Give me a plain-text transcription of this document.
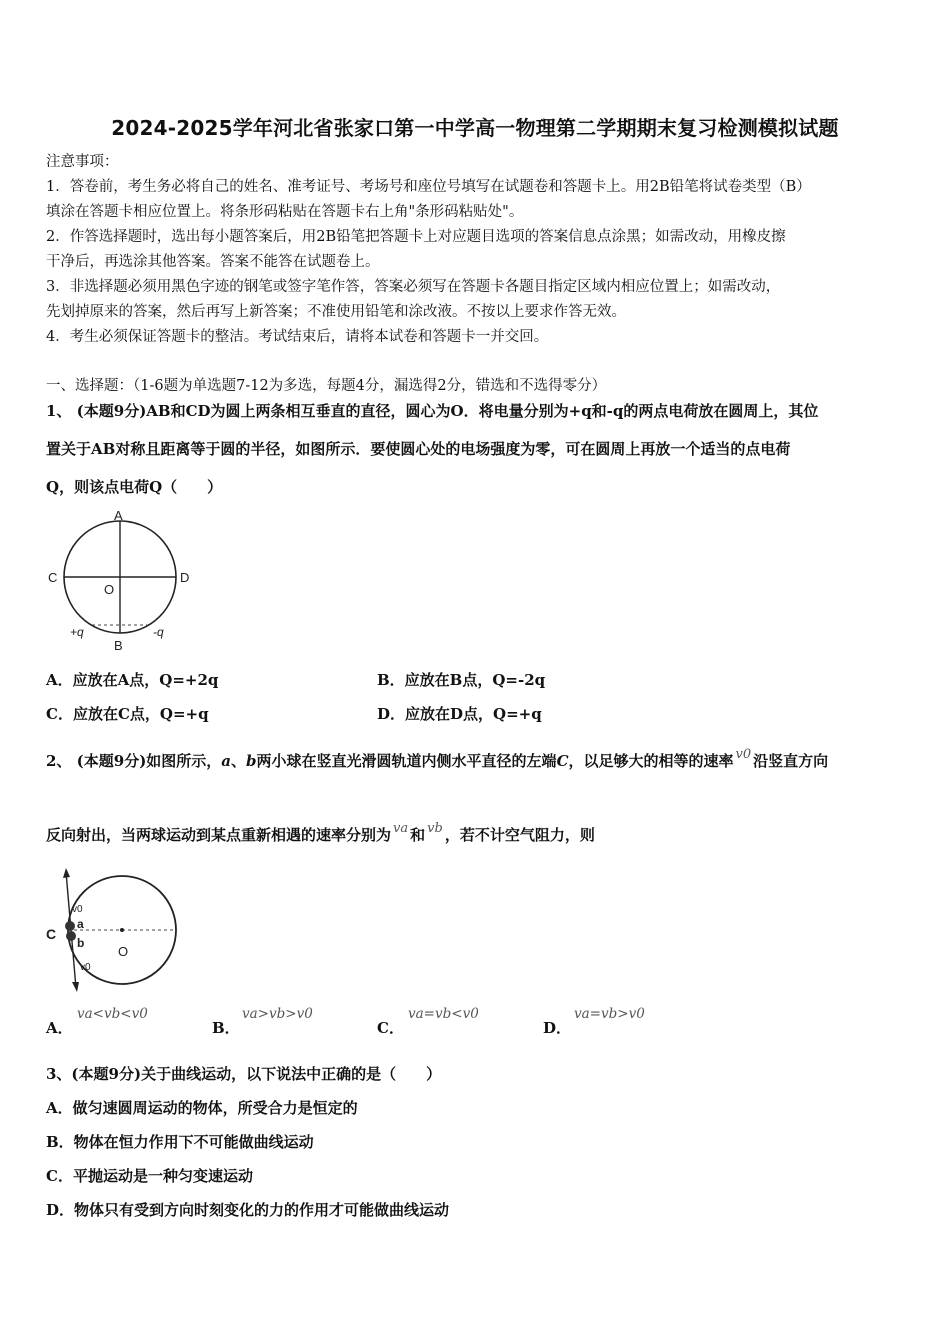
2024-2025学年河北省张家口第一中学高一物理第二学期期末复习检测模拟试题
注意事项：
1．答卷前，考生务必将自己的姓名、准考证号、考场号和座位号填写在试题卷和答题卡上。用2B铅笔将试卷类型（B）
填涂在答题卡相应位置上。将条形码粘贴在答题卡右上角"条形码粘贴处"。
2．作答选择题时，选出每小题答案后，用2B铅笔把答题卡上对应题目选项的答案信息点涂黑；如需改动，用橡皮擦
干净后，再选涂其他答案。答案不能答在试题卷上。
3．非选择题必须用黑色字迹的钢笔或签字笔作答，答案必须写在答题卡各题目指定区域内相应位置上；如需改动，
先划掉原来的答案，然后再写上新答案；不准使用铅笔和涂改液。不按以上要求作答无效。
4．考生必须保证答题卡的整洁。考试结束后，请将本试卷和答题卡一并交回。
一、选择题：（1-6题为单选题7-12为多选，每题4分，漏选得2分，错选和不选得零分）
1、 (本题9分)AB和CD为圆上两条相互垂直的直径，圆心为O．将电量分别为+q和-q的两点电荷放在圆周上，其位
置关于AB对称且距离等于圆的半径，如图所示．要使圆心处的电场强度为零，可在圆周上再放一个适当的点电荷
Q，则该点电荷Q（　　）
A
B
C	D
O
+q	-q
A．应放在A点，Q=+2q	B．应放在B点，Q=-2q
C．应放在C点，Q=+q	D．应放在D点，Q=+q
2、 (本题9分)如图所示，a、b两小球在竖直光滑圆轨道内侧水平直径的左端C，以足够大的相等的速率 v0 沿竖直方向
反向射出，当两球运动到某点重新相遇的速率分别为 va 和 vb ，若不计空气阻力，则
C
a
b
O
v0
v0
A．
va<vb<v0
B．
va>vb>v0
C．
va=vb<v0
D．
va=vb>v0
3、(本题9分)关于曲线运动，以下说法中正确的是（　　）
A．做匀速圆周运动的物体，所受合力是恒定的
B．物体在恒力作用下不可能做曲线运动
C．平抛运动是一种匀变速运动
D．物体只有受到方向时刻变化的力的作用才可能做曲线运动
